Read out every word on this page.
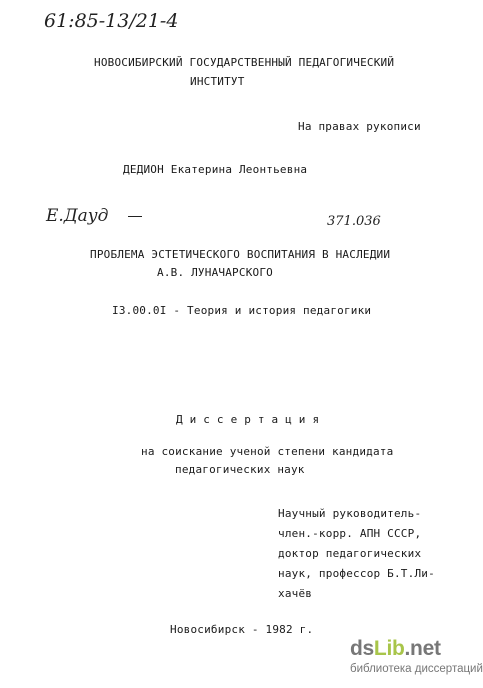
61:85-13/21-4
НОВОСИБИРСКИЙ ГОСУДАРСТВЕННЫЙ ПЕДАГОГИЧЕСКИЙ
ИНСТИТУТ
На правах рукописи
ДЕДИОН Екатерина Леонтьевна
Е.Дауд	371.036
ПРОБЛЕМА ЭСТЕТИЧЕСКОГО ВОСПИТАНИЯ В НАСЛЕДИИ
А.В. ЛУНАЧАРСКОГО
I3.00.0I - Теория и история педагогики
Д и с с е р т а ц и я
на соискание ученой степени кандидата
педагогических наук
Научный руководитель-
член.-корр. АПН СССР,
доктор педагогических
наук, профессор Б.Т.Ли-
хачёв
Новосибирск - 1982 г.
dsLib.net
библиотека диссертаций
